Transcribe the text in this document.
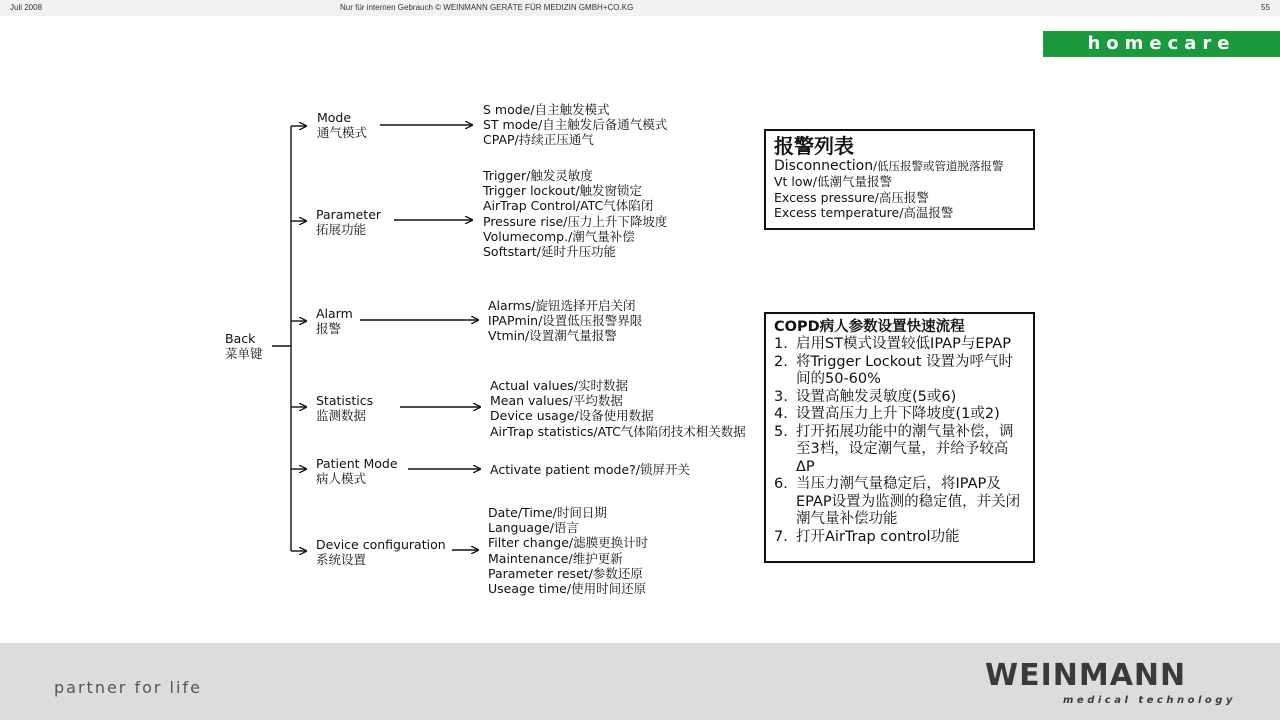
Juli 2008	Nur für internen Gebrauch © WEINMANN GERÄTE FÜR MEDIZIN GMBH+CO.KG	55
homecare
Back
菜单键
Mode
通气模式
S mode/自主触发模式
ST mode/自主触发后备通气模式
CPAP/持续正压通气
Parameter
拓展功能
Trigger/触发灵敏度
Trigger lockout/触发窗锁定
AirTrap Control/ATC气体陷闭
Pressure rise/压力上升下降坡度
Volumecomp./潮气量补偿
Softstart/延时升压功能
Alarm
报警
Alarms/旋钮选择开启关闭
IPAPmin/设置低压报警界限
Vtmin/设置潮气量报警
Statistics
监测数据
Actual values/实时数据
Mean values/平均数据
Device usage/设备使用数据
AirTrap statistics/ATC气体陷闭技术相关数据
Patient Mode
病人模式
Activate patient mode?/锁屏开关
Device configuration
系统设置
Date/Time/时间日期
Language/语言
Filter change/滤膜更换计时
Maintenance/维护更新
Parameter reset/参数还原
Useage time/使用时间还原
报警列表
Disconnection/低压报警或管道脱落报警
Vt low/低潮气量报警
Excess pressure/高压报警
Excess temperature/高温报警
COPD病人参数设置快速流程
1. 启用ST模式设置较低IPAP与EPAP
2. 将Trigger Lockout 设置为呼气时间的50-60%
3. 设置高触发灵敏度(5或6)
4. 设置高压力上升下降坡度(1或2)
5. 打开拓展功能中的潮气量补偿，调至3档，设定潮气量，并给予较高ΔP
6. 当压力潮气量稳定后，将IPAP及EPAP设置为监测的稳定值，并关闭潮气量补偿功能
7. 打开AirTrap control功能
partner for life	WEINMANN
medical technology
